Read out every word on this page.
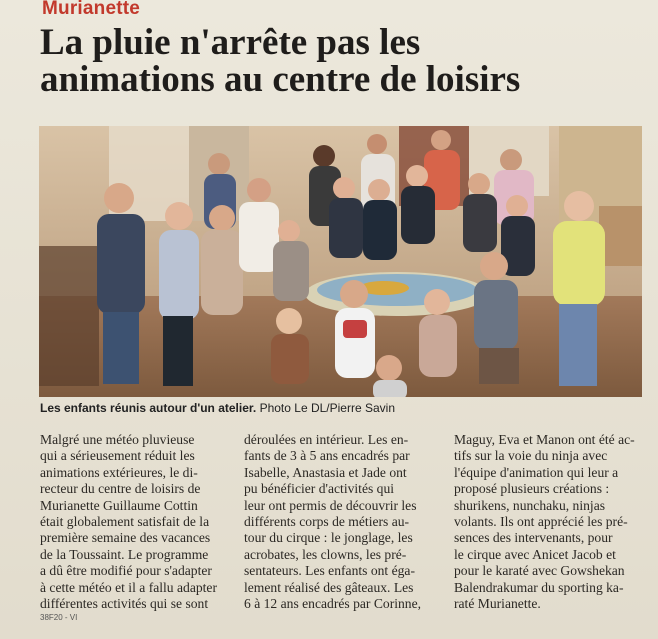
Murianette
La pluie n'arrête pas les
animations au centre de loisirs
Les enfants réunis autour d'un atelier. Photo Le DL/Pierre Savin
Malgré une météo pluvieuse
qui a sérieusement réduit les
animations extérieures, le di-
recteur du centre de loisirs de
Murianette Guillaume Cottin
était globalement satisfait de la
première semaine des vacances
de la Toussaint. Le programme
a dû être modifié pour s'adapter
à cette météo et il a fallu adapter
différentes activités qui se sont
déroulées en intérieur. Les en-
fants de 3 à 5 ans encadrés par
Isabelle, Anastasia et Jade ont
pu bénéficier d'activités qui
leur ont permis de découvrir les
différents corps de métiers au-
tour du cirque : le jonglage, les
acrobates, les clowns, les pré-
sentateurs. Les enfants ont éga-
lement réalisé des gâteaux. Les
6 à 12 ans encadrés par Corinne,
Maguy, Eva et Manon ont été ac-
tifs sur la voie du ninja avec
l'équipe d'animation qui leur a
proposé plusieurs créations :
shurikens, nunchaku, ninjas
volants. Ils ont apprécié les pré-
sences des intervenants, pour
le cirque avec Anicet Jacob et
pour le karaté avec Gowshekan
Balendrakumar du sporting ka-
raté Murianette.
38F20 - VI
